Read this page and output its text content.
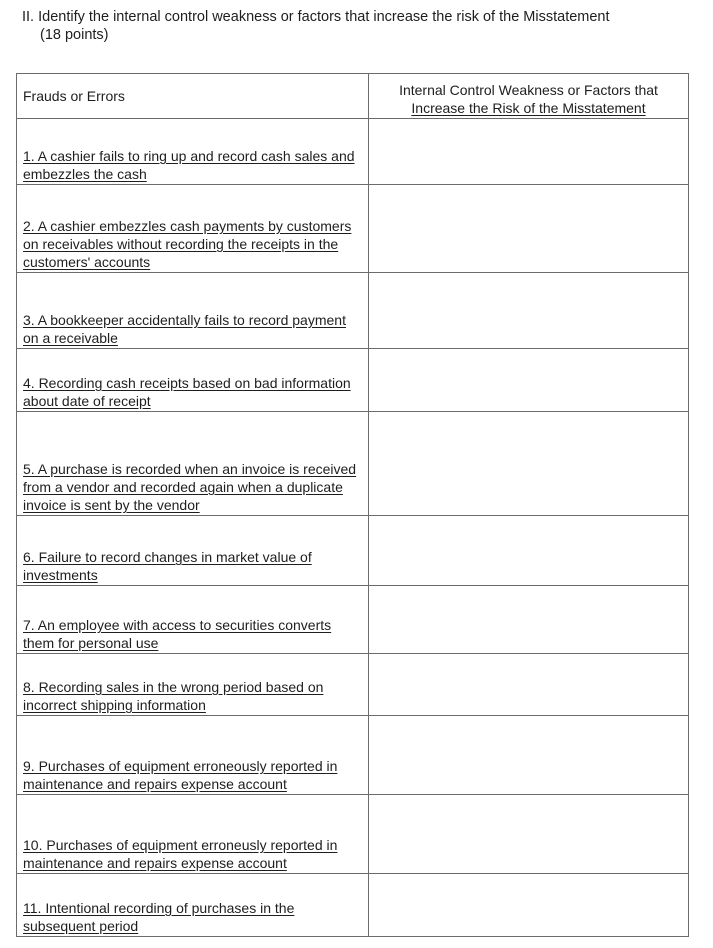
II. Identify the internal control weakness or factors that increase the risk of the Misstatement
(18 points)
Frauds or Errors	Internal Control Weakness or Factors that
Increase the Risk of the Misstatement
1. A cashier fails to ring up and record cash sales and embezzles the cash	
2. A cashier embezzles cash payments by customers on receivables without recording the receipts in the customers' accounts	
3. A bookkeeper accidentally fails to record payment on a receivable	
4. Recording cash receipts based on bad information about date of receipt	
5. A purchase is recorded when an invoice is received from a vendor and recorded again when a duplicate invoice is sent by the vendor	
6. Failure to record changes in market value of investments	
7. An employee with access to securities converts them for personal use	
8. Recording sales in the wrong period based on incorrect shipping information	
9. Purchases of equipment erroneously reported in maintenance and repairs expense account	
10. Purchases of equipment erroneusly reported in maintenance and repairs expense account	
11. Intentional recording of purchases in the subsequent period	
